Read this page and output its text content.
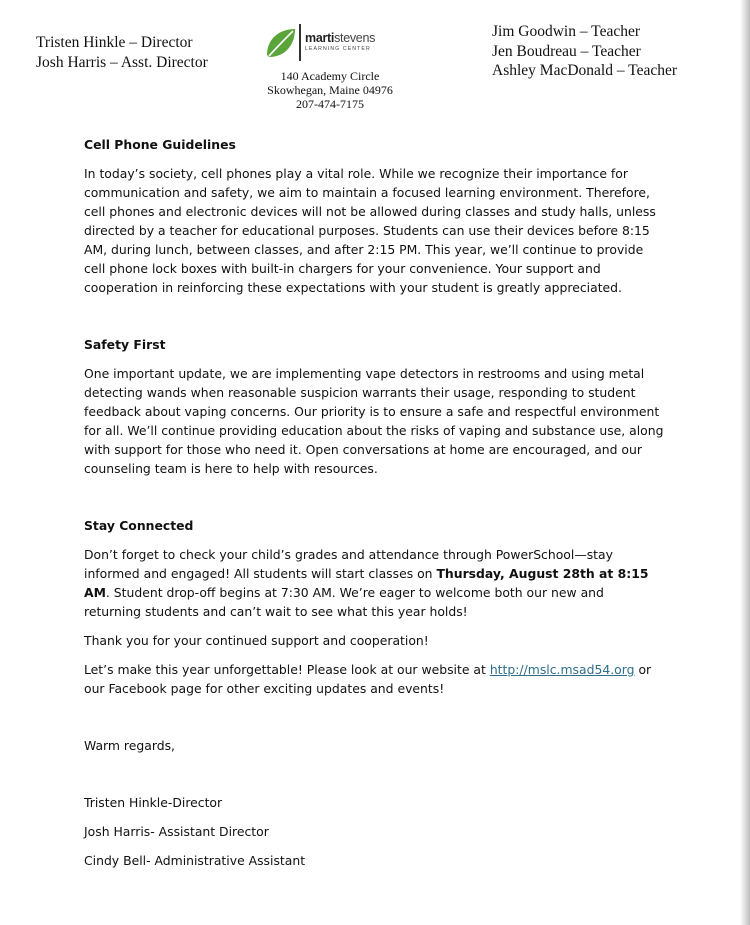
Tristen Hinkle – Director
Josh Harris – Asst. Director
martistevens
LEARNING CENTER
140 Academy Circle
Skowhegan, Maine 04976
207-474-7175
Jim Goodwin – Teacher
Jen Boudreau – Teacher
Ashley MacDonald – Teacher
Cell Phone Guidelines

In today’s society, cell phones play a vital role. While we recognize their importance for communication and safety, we aim to maintain a focused learning environment. Therefore, cell phones and electronic devices will not be allowed during classes and study halls, unless directed by a teacher for educational purposes. Students can use their devices before 8:15 AM, during lunch, between classes, and after 2:15 PM. This year, we’ll continue to provide cell phone lock boxes with built-in chargers for your convenience. Your support and cooperation in reinforcing these expectations with your student is greatly appreciated.

Safety First

One important update, we are implementing vape detectors in restrooms and using metal detecting wands when reasonable suspicion warrants their usage, responding to student feedback about vaping concerns. Our priority is to ensure a safe and respectful environment for all. We’ll continue providing education about the risks of vaping and substance use, along with support for those who need it. Open conversations at home are encouraged, and our counseling team is here to help with resources.

Stay Connected

Don’t forget to check your child’s grades and attendance through PowerSchool—stay informed and engaged! All students will start classes on Thursday, August 28th at 8:15 AM. Student drop-off begins at 7:30 AM. We’re eager to welcome both our new and returning students and can’t wait to see what this year holds!

Thank you for your continued support and cooperation!

Let’s make this year unforgettable! Please look at our website at http://mslc.msad54.org or our Facebook page for other exciting updates and events!

Warm regards,

Tristen Hinkle-Director

Josh Harris- Assistant Director

Cindy Bell- Administrative Assistant
